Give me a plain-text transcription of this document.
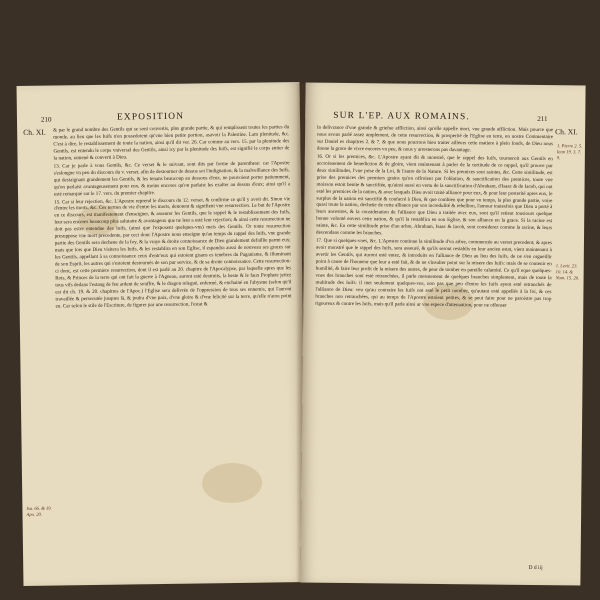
210	EXPOSITION
Ch. XI. & par le grand nombre des Gentils qui se sont convertis, plus grande partie, & qui remplissent toutes les parties du monde, au lieu que les Iuifs n'en possedoient qu'vne bien petite portion, asavoir la Palestine. Lam plenitude, &c. C'est à dire, le restablissement de toute la nation, ainsi qu'il dit ver. 26. Car comme au vers. 15. par la plenitude des Gentils, est entendu le corps vniversel des Gentils, ainsi icy par la plenitude des Iuifs, est signifié le corps entier de la nation, ramené & converti à Dieu.

13. Car je parle à vous Gentils, &c. Ce verset & le suivant, sont dits par forme de parenthese: car l'Apostre s'eslongne vn peu du discours du v. verset, afin de destourner de dessus soi l'indignation, & la malveillance des Iuifs, qui destaignant grandement les Gentils, & les tenans beaucoup au dessous d'eux, ne pouvoient porter patiemment, qu'on parlaist avantageusement pour eux, & moins encores qu'on parlaist les exalter au dessus d'eux; ainsi qu'il a esté remarqué sur le 17. vers. du premier chapitre.

15. Car si leur rejection, &c. L'Apostre reprend le discours du 12. verset, & confirme ce qu'il y avoit dit. Sinon vie d'entre les morts, &c. Ces termes de vie d'entre les morts, denotent & signifient vne resurrection. Le but de l'Apostre en ce discours, est manifestement d'enseigner, & asseurer les Gentils, que le rappel & le restablissement des Iuifs, leur sera encores beaucoup plus salutaire & avantageux que ne leur a esté leur rejection; & ainsi cette resurrection ne doit pas estre entendue des Iuifs, (ainsi que l'exposent quelques-vns) mais des Gentils. Or toute resurrection presuppose vne mort precedente, par ceci donc l'Apostre nous enseigne qu'au temps du rappel des Iuifs, vne grande partie des Gentils sera decheue de la foy, & la vraye & droite connoissance de Dieu grandement defaillie parmi eux; mais que lors que Dieu visitera les Iuifs, & les restablira en son Eglise, il espandra aussi de nouveau ses graces sur les Gentils, appellant à sa connoissance ceux d'entr'eux qui estoient gisans es tenebres du Paganisme, & illuminant de son Esprit, les autres qui s'estoient destournés de son pur service, & de sa droite connoissance. Cette resurrection-ci donc, est cette premiere resurrection, dont il est parlé au 20. chapitre de l'Apocalypse, par laquelle apres que les Rois, & Princes de la terre qui ont fait la guerre à l'Agneau, auront esté destruits, la beste & le faux Prophete jettez tous vifs dedans l'estang de feu ardent de souffre, & le dragon relegué, enfermé, & enchainé en l'abysme (selon qu'il est dit ch. 19. & 20. chapitres de l'Apoc.) l'Eglise sera delivrée de l'oppression de tous ses ennemis, qui l'auront travaillée & persecutée jusques là, & jouïra d'vne paix, d'vne gloire & d'vne felicité sur la terre, qu'elle n'aura point eu. Car selon le stile de l'Escriture, de figurer par une resurrection, l'estat &

Isa. 66. & 19. Apo. 20.
SUR L'EP. AUX ROMAINS.	211

la delivrance d'vne grande & griefue affliction, ainsi qu'elle appelle mort, vne grande affliction. Mais pource que nous avons parlé assez amplement, de cette resurrection, & prosperité de l'Eglise en terre, en nostre Commentaire sur Daniel es chapitres 2. & 7. & que nous pourrons bien traiter ailleurs cette matiere à plein fonds, de Dieu nous donne la grace de vivre encores vn peu, & nous y arresterons pas davantage.

16. Or si les premices, &c. L'Apostre ayant dit & monstré, que le rappel des Iuifs, tourneroit aux Gentils en accroissement de benediction & de gloire, vient maintenant à parler de la certitude de ce rappel, qu'il prouve par deux similitudes, l'vne prise de la Loi, & l'autre de la Nature. Si les premices sont saintes, &c. Cette similitude, est prise des premices des premiers grains qu'on offroient par l'oblation, & sanctification des premices, toute vne moisson estoit benite & sanctifiée, qu'ainsi aussi en vertu de la sanctification d'Abraham, d'Isaac & de Iacob, qui ont esté les premices de la nation, & avec lesquels Dieu avoit traité alliance pour eux, & pour leur posterité apres eux, le surplus de la nation est sanctifié & confacré à Dieu, & que combien que pour vn temps, la plus grande partie, voire quasi toute la nation, decheüe de cette alliance par son incredulité & rebellion, l'amour toutesfois que Dieu a porté à leurs ancestres, & la consideration de l'alliance que Dieu a traitée avec eux, sont qu'il retient tousiours quelque bonne volonté envers cette nation, & qu'il la restablira en son Eglise, & son alliance en la grace. Si la racine est sainte, &c. En cette similitude prise d'un arbre, Abraham, Isaac & Iacob, sont considerez comme la racine, & leurs descendans comme les branches.

17. Que si quelques-vnes, &c. L'Apostre continue la similitude d'vn arbre, commencée au verset precedent; & apres avoir monstré que le rappel des Iuifs, sera asseuré, & qu'ils seront restablis en leur ancien estat, vient maintenant à avertir les Gentils, qui auront esté entez, & introduits en l'alliance de Dieu au lieu des Iuifs, de ne s'en orgueillir point à cause de l'honneur que leur a esté fait, & de ne s'insulter point sur la misere des Iuifs: mais de se contenir en humilité, & faire leur profit de la misere des autres, de peur de tomber en pareille calamité. Ce qu'il eque quelques-vnes des branches sont esté retranchées, il parle mesmement de quelques branches simplement, mais de toute la multitude des Iuifs: il met seulement quelques-vns, non pas que peu d'entre les Iuifs ayent esté retranchés de l'alliance de Dieu: veu qu'au contraire les Iuifs ont esté le petit nombre, qu'autant esté appellés à la foi, & ces branches non retranchées, qui au temps de l'Apostre estoient petites, & se peut faire pour ne paroistre pas trop rigoureux & contre les Iuifs, mais qu'il parle ainsi ar vne espece d'attenuation, pour ne offenser

Ch. XI.
1. Pierre 2. 5. Iean 19. 3. 7. 9.
1. Levit. 23. 10. 14. & Nom. 15. 20.
D d iij
